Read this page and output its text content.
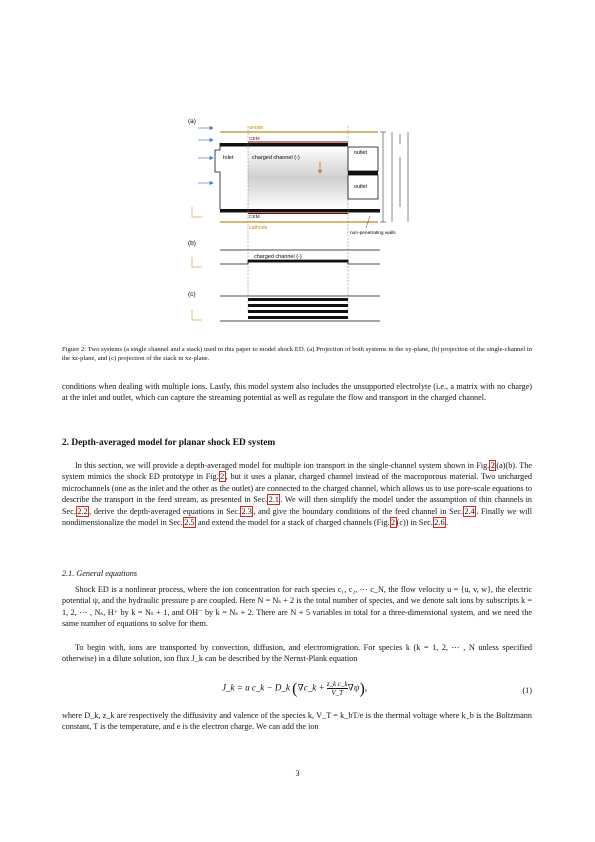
(a)
(b)
(c)
anode
CEM
CEM
cathode
Inlet	charged channel (-)
outlet
outlet
non-penetrating walls
charged channel (-)
Figure 2: Two systems (a single channel and a stack) used in this paper to model shock ED. (a) Projection of both systems in the xy-plane, (b) projection of the single-channel in the xz-plane, and (c) projection of the stack in xz-plane.

conditions when dealing with multiple ions. Lastly, this model system also includes the unsupported electrolyte (i.e., a matrix with no charge) at the inlet and outlet, which can capture the streaming potential as well as regulate the flow and transport in the charged channel.

2. Depth-averaged model for planar shock ED system

In this section, we will provide a depth-averaged model for multiple ion transport in the single-channel system shown in Fig. 2 (a)(b). The system mimics the shock ED prototype in Fig. 2 , but it uses a planar, charged channel instead of the macroporous material. Two uncharged microchannels (one as the inlet and the other as the outlet) are connected to the charged channel, which allows us to use pore-scale equations to describe the transport in the feed stream, as presented in Sec. 2.1 . We will then simplify the model under the assumption of thin channels in Sec. 2.2 , derive the depth-averaged equations in Sec. 2.3 , and give the boundary conditions of the feed channel in Sec. 2.4 . Finally we will nondimensionalize the model in Sec. 2.5 and extend the model for a stack of charged channels (Fig. 2 (c)) in Sec. 2.6 .

2.1. General equations

Shock ED is a nonlinear process, where the ion concentration for each species c₁, c₂, ⋯ c_N, the flow velocity u = {u, v, w}, the electric potential ψ, and the hydraulic pressure p are coupled. Here N = Nₛ + 2 is the total number of species, and we denote salt ions by subscripts k = 1, 2, ⋯ , Nₛ, H⁺ by k = Nₛ + 1, and OH⁻ by k = Nₛ + 2. There are N + 5 variables in total for a three-dimensional system, and we need the same number of equations to solve for them.

To begin with, ions are transported by convection, diffusion, and electromigration. For species k (k = 1, 2, ⋯ , N unless specified otherwise) in a dilute solution, ion flux J_k can be described by the Nernst-Plank equation

J_k = u c_k − D_k (∇c_k + $\frac{\text{z\_k c\_k}}{V\_T} \nabla\psi$),	(1)

where D_k, z_k are respectively the diffusivity and valence of the species k, V_T = k_bT/e is the thermal voltage where k_b is the Boltzmann constant, T is the temperature, and e is the electron charge. We can add the ion

3
